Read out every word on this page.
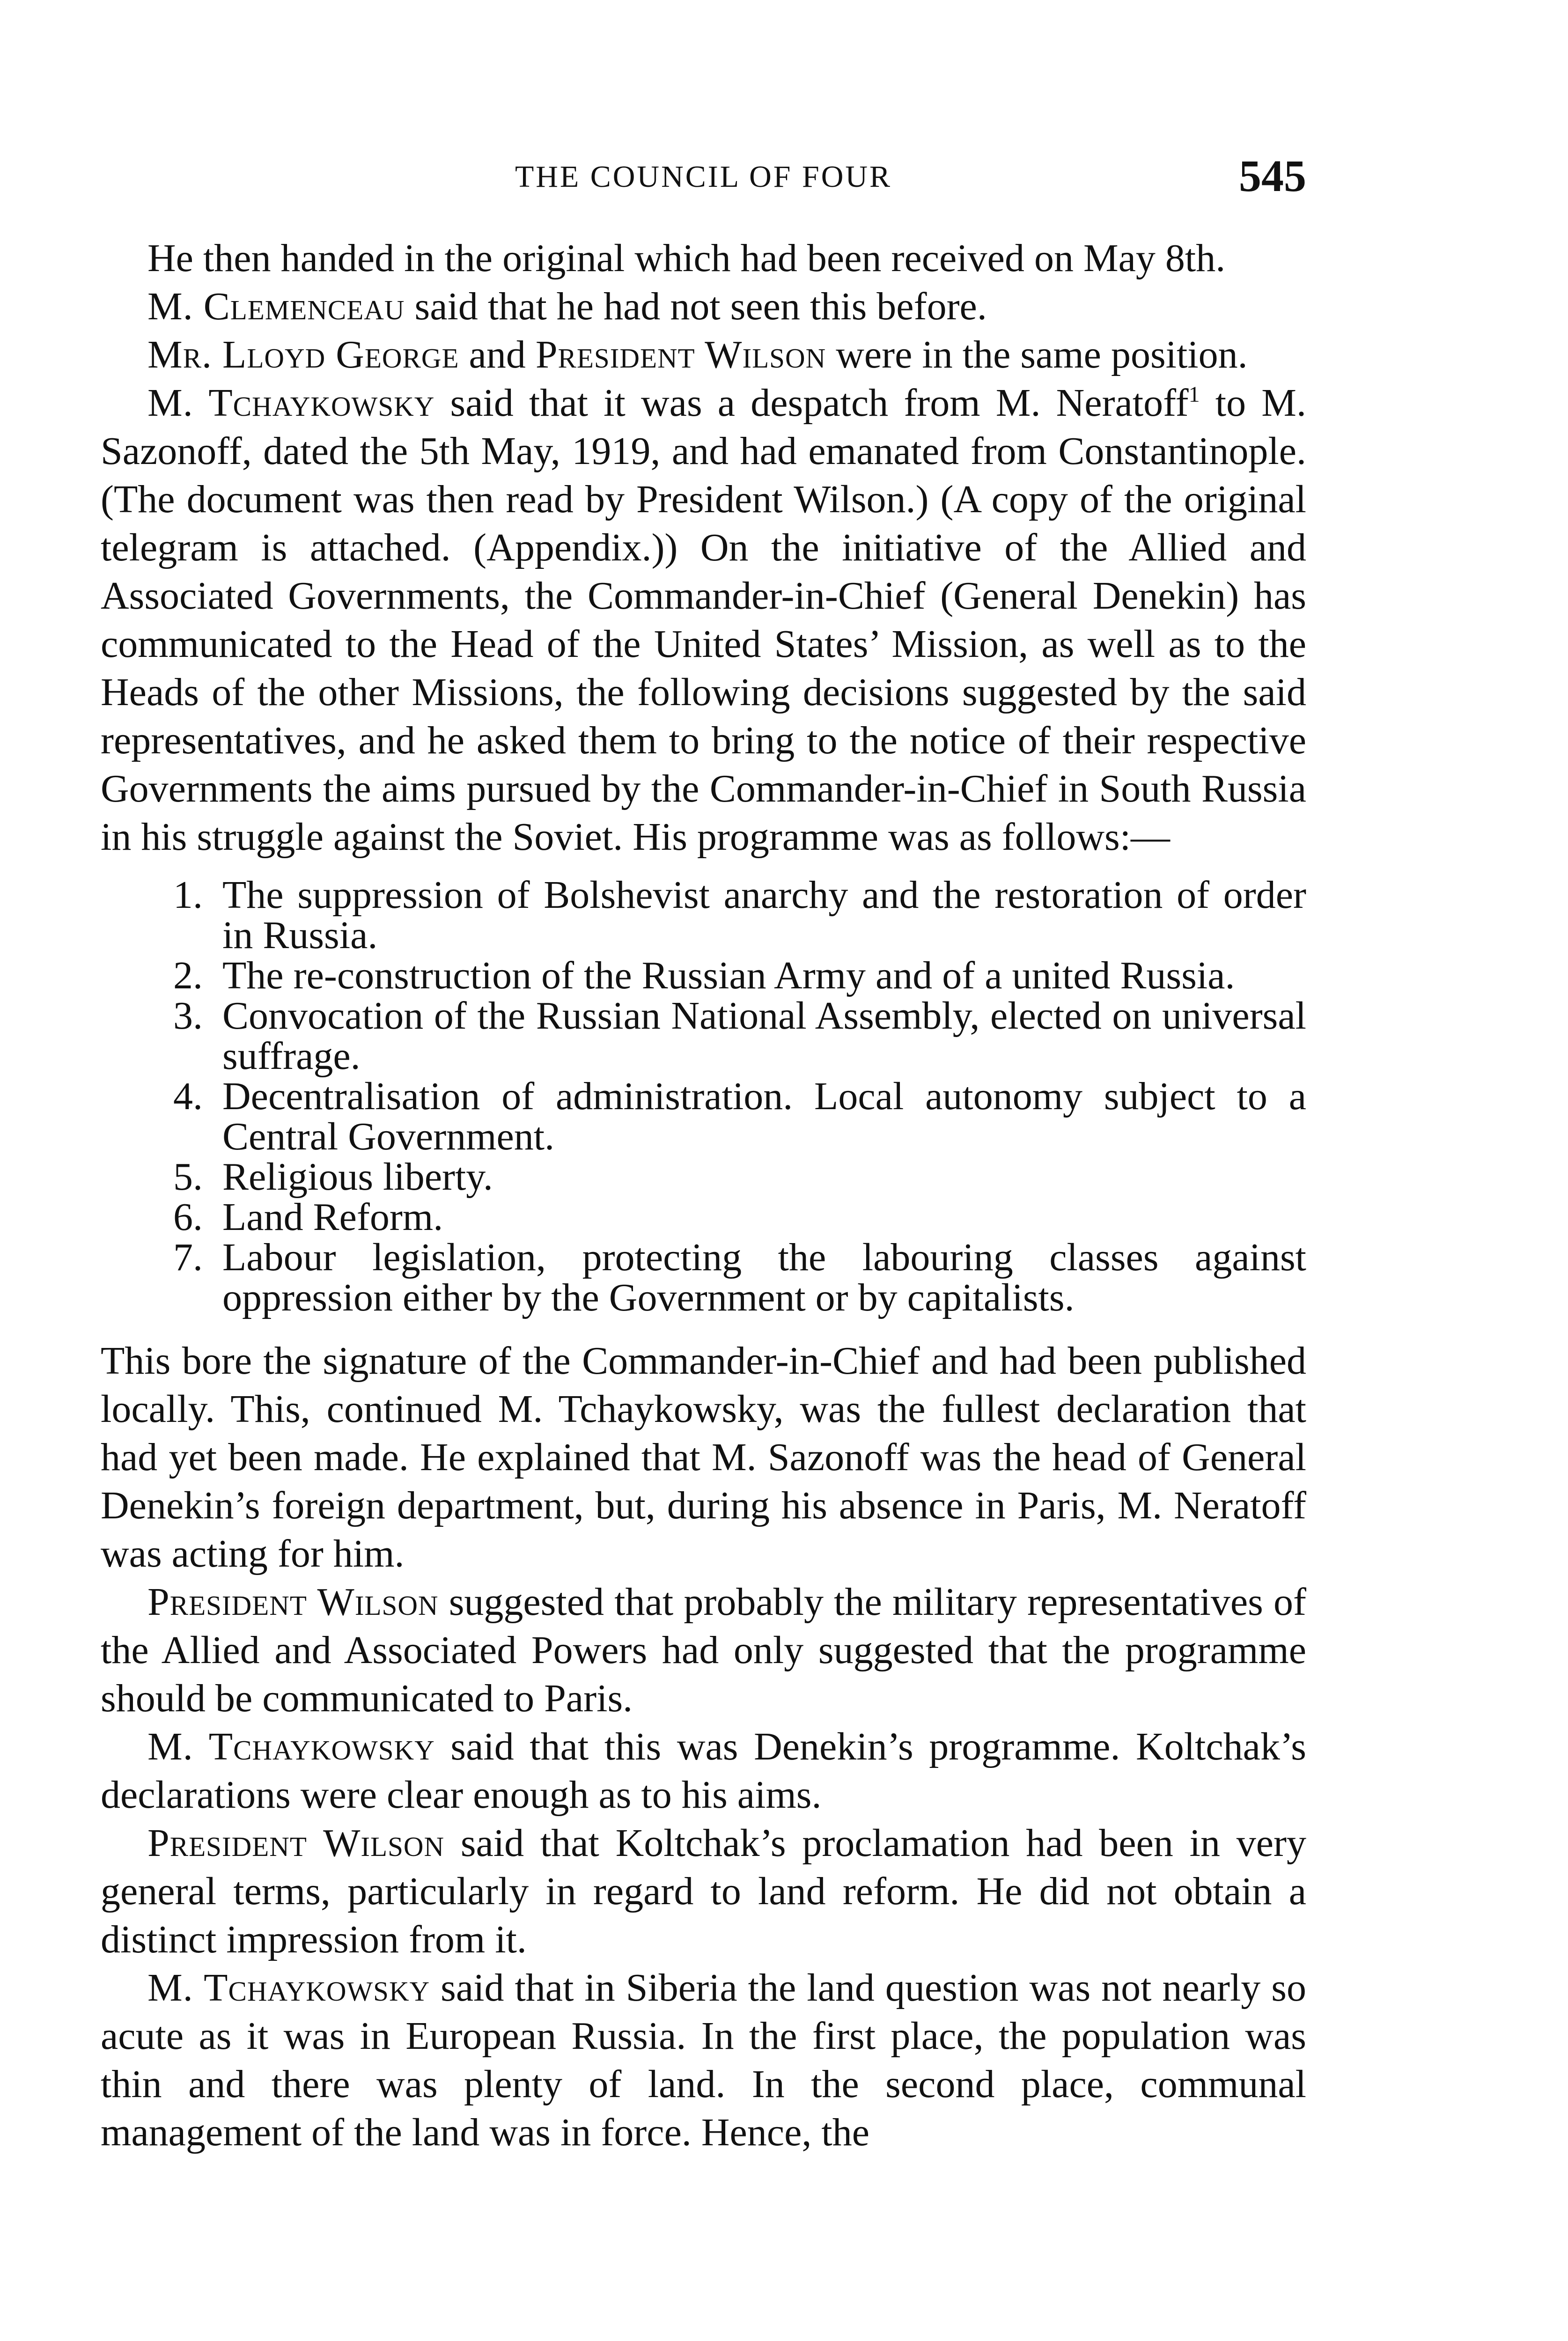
THE COUNCIL OF FOUR	545

He then handed in the original which had been received on May 8th.

M. Clemenceau said that he had not seen this before.

Mr. Lloyd George and President Wilson were in the same position.

M. Tchaykowsky said that it was a despatch from M. Neratoff$^1$ to M. Sazonoff, dated the 5th May, 1919, and had emanated from Constantinople. (The document was then read by President Wilson.) (A copy of the original telegram is attached. (Appendix.)) On the initiative of the Allied and Associated Governments, the Commander-in-Chief (General Denekin) has communicated to the Head of the United States’ Mission, as well as to the Heads of the other Missions, the following decisions suggested by the said representatives, and he asked them to bring to the notice of their respective Governments the aims pursued by the Commander-in-Chief in South Russia in his struggle against the Soviet. His programme was as follows:—

1. The suppression of Bolshevist anarchy and the restoration of order in Russia.
2. The re-construction of the Russian Army and of a united Russia.
3. Convocation of the Russian National Assembly, elected on universal suffrage.
4. Decentralisation of administration. Local autonomy subject to a Central Government.
5. Religious liberty.
6. Land Reform.
7. Labour legislation, protecting the labouring classes against oppression either by the Government or by capitalists.

This bore the signature of the Commander-in-Chief and had been published locally. This, continued M. Tchaykowsky, was the fullest declaration that had yet been made. He explained that M. Sazonoff was the head of General Denekin’s foreign department, but, during his absence in Paris, M. Neratoff was acting for him.

President Wilson suggested that probably the military representatives of the Allied and Associated Powers had only suggested that the programme should be communicated to Paris.

M. Tchaykowsky said that this was Denekin’s programme. Koltchak’s declarations were clear enough as to his aims.

President Wilson said that Koltchak’s proclamation had been in very general terms, particularly in regard to land reform. He did not obtain a distinct impression from it.

M. Tchaykowsky said that in Siberia the land question was not nearly so acute as it was in European Russia. In the first place, the population was thin and there was plenty of land. In the second place, communal management of the land was in force. Hence, the
